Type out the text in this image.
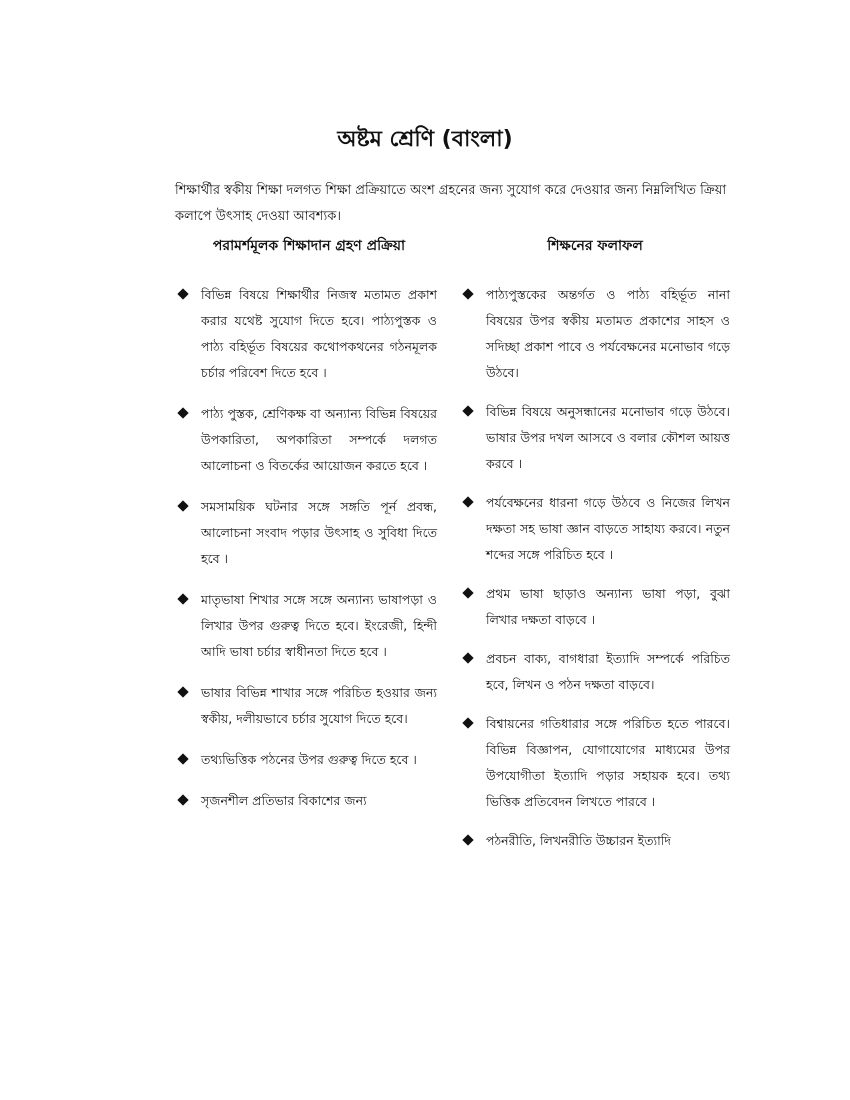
অষ্টম শ্রেণি (বাংলা)

শিক্ষার্থীর স্বকীয় শিক্ষা দলগত শিক্ষা প্রক্রিয়াতে অংশ গ্রহনের জন্য সুযোগ করে দেওয়ার জন্য নিম্নলিখিত ক্রিয়া কলাপে উৎসাহ দেওয়া আবশ্যক।

পরামর্শমূলক শিক্ষাদান গ্রহণ প্রক্রিয়া
বিভিন্ন বিষয়ে শিক্ষার্থীর নিজস্ব মতামত প্রকাশ করার যথেষ্ট সুযোগ দিতে হবে। পাঠ্যপুস্তক ও পাঠ্য বহির্ভূত বিষয়ের কথোপকথনের গঠনমূলক চর্চার পরিবেশ দিতে হবে ।
পাঠ্য পুস্তক, শ্রেণিকক্ষ বা অন্যান্য বিভিন্ন বিষয়ের উপকারিতা, অপকারিতা সম্পর্কে দলগত আলোচনা ও বিতর্কের আয়োজন করতে হবে ।
সমসাময়িক ঘটনার সঙ্গে সঙ্গতি পূর্ন প্রবন্ধ, আলোচনা সংবাদ পড়ার উৎসাহ ও সুবিধা দিতে হবে ।
মাতৃভাষা শিখার সঙ্গে সঙ্গে অন্যান্য ভাষাপড়া ও লিখার উপর গুরুত্ব দিতে হবে। ইংরেজী, হিন্দী আদি ভাষা চর্চার স্বাধীনতা দিতে হবে ।
ভাষার বিভিন্ন শাখার সঙ্গে পরিচিত হওয়ার জন্য স্বকীয়, দলীয়ভাবে চর্চার সুযোগ দিতে হবে।
তথ্যভিত্তিক পঠনের উপর গুরুত্ব দিতে হবে ।
সৃজনশীল প্রতিভার বিকাশের জন্য
শিক্ষনের ফলাফল
পাঠ্যপুস্তকের অন্তর্গত ও পাঠ্য বহির্ভূত নানা বিষয়ের উপর স্বকীয় মতামত প্রকাশের সাহস ও সদিচ্ছা প্রকাশ পাবে ও পর্যবেক্ষনের মনোভাব গড়ে উঠবে।
বিভিন্ন বিষয়ে অনুসন্ধানের মনোভাব গড়ে উঠবে। ভাষার উপর দখল আসবে ও বলার কৌশল আয়ত্ত করবে ।
পর্যবেক্ষনের ধারনা গড়ে উঠবে ও নিজের লিখন দক্ষতা সহ ভাষা জ্ঞান বাড়তে সাহায্য করবে। নতুন শব্দের সঙ্গে পরিচিত হবে ।
প্রথম ভাষা ছাড়াও অন্যান্য ভাষা পড়া, বুঝা লিখার দক্ষতা বাড়বে ।
প্রবচন বাক্য, বাগধারা ইত্যাদি সম্পর্কে পরিচিত হবে, লিখন ও পঠন দক্ষতা বাড়বে।
বিশ্বায়নের গতিধারার সঙ্গে পরিচিত হতে পারবে। বিভিন্ন বিজ্ঞাপন, যোগাযোগের মাধ্যমের উপর উপযোগীতা ইত্যাদি পড়ার সহায়ক হবে। তথ্য ভিত্তিক প্রতিবেদন লিখতে পারবে ।
পঠনরীতি, লিখনরীতি উচ্চারন ইত্যাদি
